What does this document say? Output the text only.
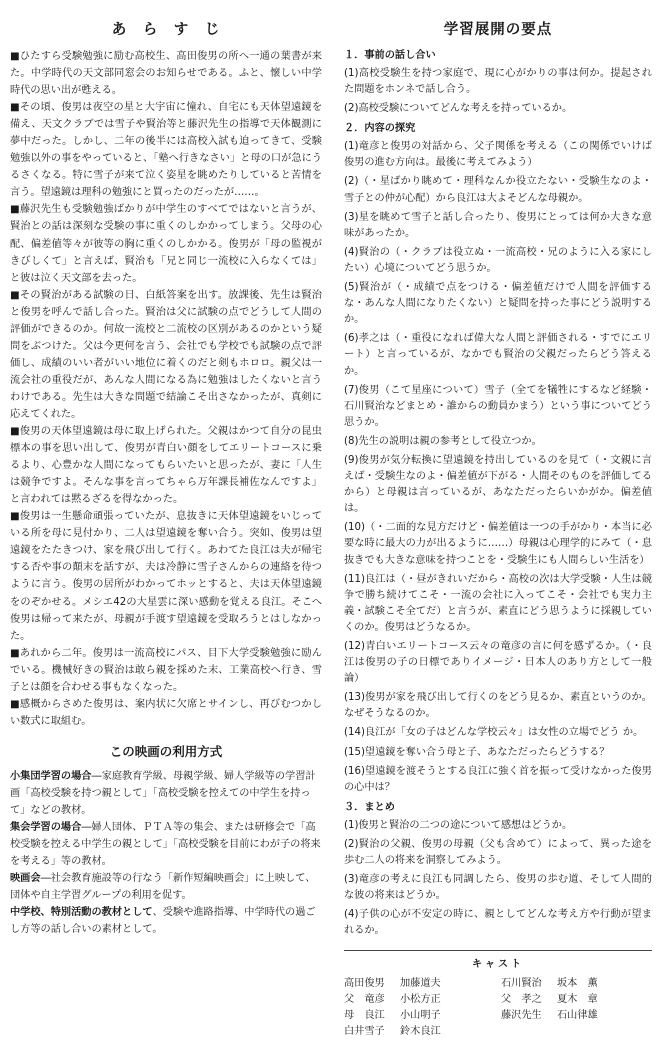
あ　ら　す　じ

■ひたすら受験勉強に励む高校生、高田俊男の所へ一通の葉書が来た。中学時代の天文部同窓会のお知らせである。ふと、懐しい中学時代の思い出が甦える。

■その頃、俊男は夜空の星と大宇宙に憧れ、自宅にも天体望遠鏡を備え、天文クラブでは雪子や賢治等と藤沢先生の指導で天体観測に夢中だった。しかし、二年の後半には高校入試も迫ってきて、受験勉強以外の事をやっていると、「塾へ行きなさい」と母の口が急にうるさくなる。特に雪子が来て泣く姿星を眺めたりしていると苦情を言う。望遠鏡は理科の勉強にと買ったのだったが……。

■藤沢先生も受験勉強ばかりが中学生のすべてではないと言うが、賢治との話は深刻な受験の事に重くのしかかってしまう。父母の心配、偏差値等々が彼等の胸に重くのしかかる。俊男が「母の監視がきびしくて」と言えば、賢治も「兄と同じ一流校に入らなくては」と彼は泣く天文部を去った。

■その賢治がある試験の日、白紙答案を出す。放課後、先生は賢治と俊男を呼んで話し合った。賢治は父に試験の点でどうして人間の評価ができるのか。何故一流校と二流校の区別があるのかという疑問をぶつけた。父は今更何を言う、会社でも学校でも試験の点で評価し、成績のいい者がいい地位に着くのだと剣もホロロ。親父は一流会社の重役だが、あんな人間になる為に勉強はしたくないと言うわけである。先生は大きな問題で結論こそ出さなかったが、真剣に応えてくれた。

■俊男の天体望遠鏡は母に取上げられた。父親はかつて自分の昆虫標本の事を思い出して、俊男が青白い顔をしてエリートコースに乗るより、心豊かな人間になってもらいたいと思ったが、妻に「人生は競争ですよ。そんな事を言ってちゃら万年課長補佐なんですよ」と言われては黙るざるを得なかった。

■俊男は一生懸命頑張っていたが、息抜きに天体望遠鏡をいじっている所を母に見付かり、二人は望遠鏡を奪い合う。突如、俊男は望遠鏡をたたきつけ、家を飛び出して行く。あわてた良江は夫が帰宅する否や事の顛末を話すが、夫は冷静に雪子さんからの連絡を待つように言う。俊男の居所がわかってホッとすると、夫は天体望遠鏡をのぞかせる。メシエ42の大星雲に深い感動を覚える良江。そこへ俊男は帰って来たが、母親が手渡す望遠鏡を受取ろうとはしなかった。

■あれから二年。俊男は一流高校にパス、目下大学受験勉強に励んでいる。機械好きの賢治は敢ら親を採めた末、工業高校へ行き、雪子とは顔を合わせる事もなくなった。

■感概からさめた俊男は、案内状に欠席とサインし、再びむつかしい数式に取組む。

この映画の利用方式

小集団学習の場合―家庭教育学級、母親学級、婦人学級等の学習計画「高校受験を持つ親として」「高校受験を控えての中学生を持って」などの教材。

集会学習の場合―婦人団体、ＰＴＡ等の集会、または研修会で「高校受験を控える中学生の親として」「高校受験を目前にわが子の将来を考える」等の教材。

映画会―社会教育施設等の行なう「新作短編映画会」に上映して、団体や自主学習グループの利用を促す。

中学校、特別活動の教材として、受験や進路指導、中学時代の過ごし方等の話し合いの素材として。

学習展開の要点
１．事前の話し合い

(1)高校受験生を持つ家庭で、現に心がかりの事は何か。提起された問題をホンネで話し合う。

(2)高校受験についてどんな考えを持っているか。

２．内容の探究

(1)竜彦と俊男の対話から、父子関係を考える（この関係でいけば俊男の進む方向は。最後に考えてみよう）

(2)（・星ばかり眺めて・理科なんか役立たない・受験生なのよ・雪子との仲が心配）から良江は大よそどんな母親か。

(3)星を眺めて雪子と話し合ったり、俊男にとっては何か大きな意味があったか。

(4)賢治の（・クラブは役立ぬ・一流高校・兄のように入る家にしたい）心境についてどう思うか。

(5)賢治が（・成績で点をつける・偏差値だけで人間を評価するな・あんな人間になりたくない）と疑問を持った事にどう説明するか。

(6)孝之は（・重役になれば偉大な人間と評価される・すでにエリート）と言っているが、なかでも賢治の父親だったらどう答えるか。

(7)俊男（こて星座について）雪子（全てを犠牲にするなど経験・石川賢治などまとめ・誰からの動員かまう）という事についてどう思うか。

(8)先生の説明は親の参考として役立つか。

(9)俊男が気分転換に望遠鏡を持出しているのを見て（・文親に言えば・受験生なのよ・偏差値が下がる・人間そのものを評価してるから）と母親は言っているが、あなただったらいかがか。偏差値は。

(10)（・二面的な見方だけど・偏差値は一つの手がかり・本当に必要な時に最大の力が出るように……）母親は心理学的にみて（・息抜きでも大きな意味を持つことを・受験生にも人間らしい生活を）

(11)良江は（・昼がきれいだから・高校の次は大学受験・人生は競争で勝ち続けてこそ・一流の会社に入ってこそ・会社でも実力主義・試験こそ全てだ）と言うが、素直にどう思うように採親していくのか。俊男はどうなるか。

(12)青白いエリートコース云々の竜彦の言に何を感ずるか。（・良江は俊男の子の日標でありイメージ・日本人のあり方として一般論）

(13)俊男が家を飛び出して行くのをどう見るか、素直というのか。なぜそうなるのか。

(14)良江が「女の子はどんな学校云々」は女性の立場でどう か。

(15)望遠鏡を奪い合う母と子、あなただったらどうする？

(16)望遠鏡を渡そうとする良江に強く首を振って受けなかった俊男の心中は？

３．まとめ

(1)俊男と賢治の二つの途について感想はどうか。

(2)賢治の父親、俊男の母親（父も含めて）によって、異った途を歩む二人の将来を洞察してみよう。

(3)竜彦の考えに良江も同調したら、俊男の歩む道、そして人間的な彼の将来はどうか。

(4)子供の心が不安定の時に、親としてどんな考え方や行動が望まれるか。

キャスト
高田俊男 加藤道夫
父　竜彦 小松方正
母　良江 小山明子
白井雪子 鈴木良江
石川賢治 坂本　薫
父　孝之 夏木　章
藤沢先生 石山律雄
